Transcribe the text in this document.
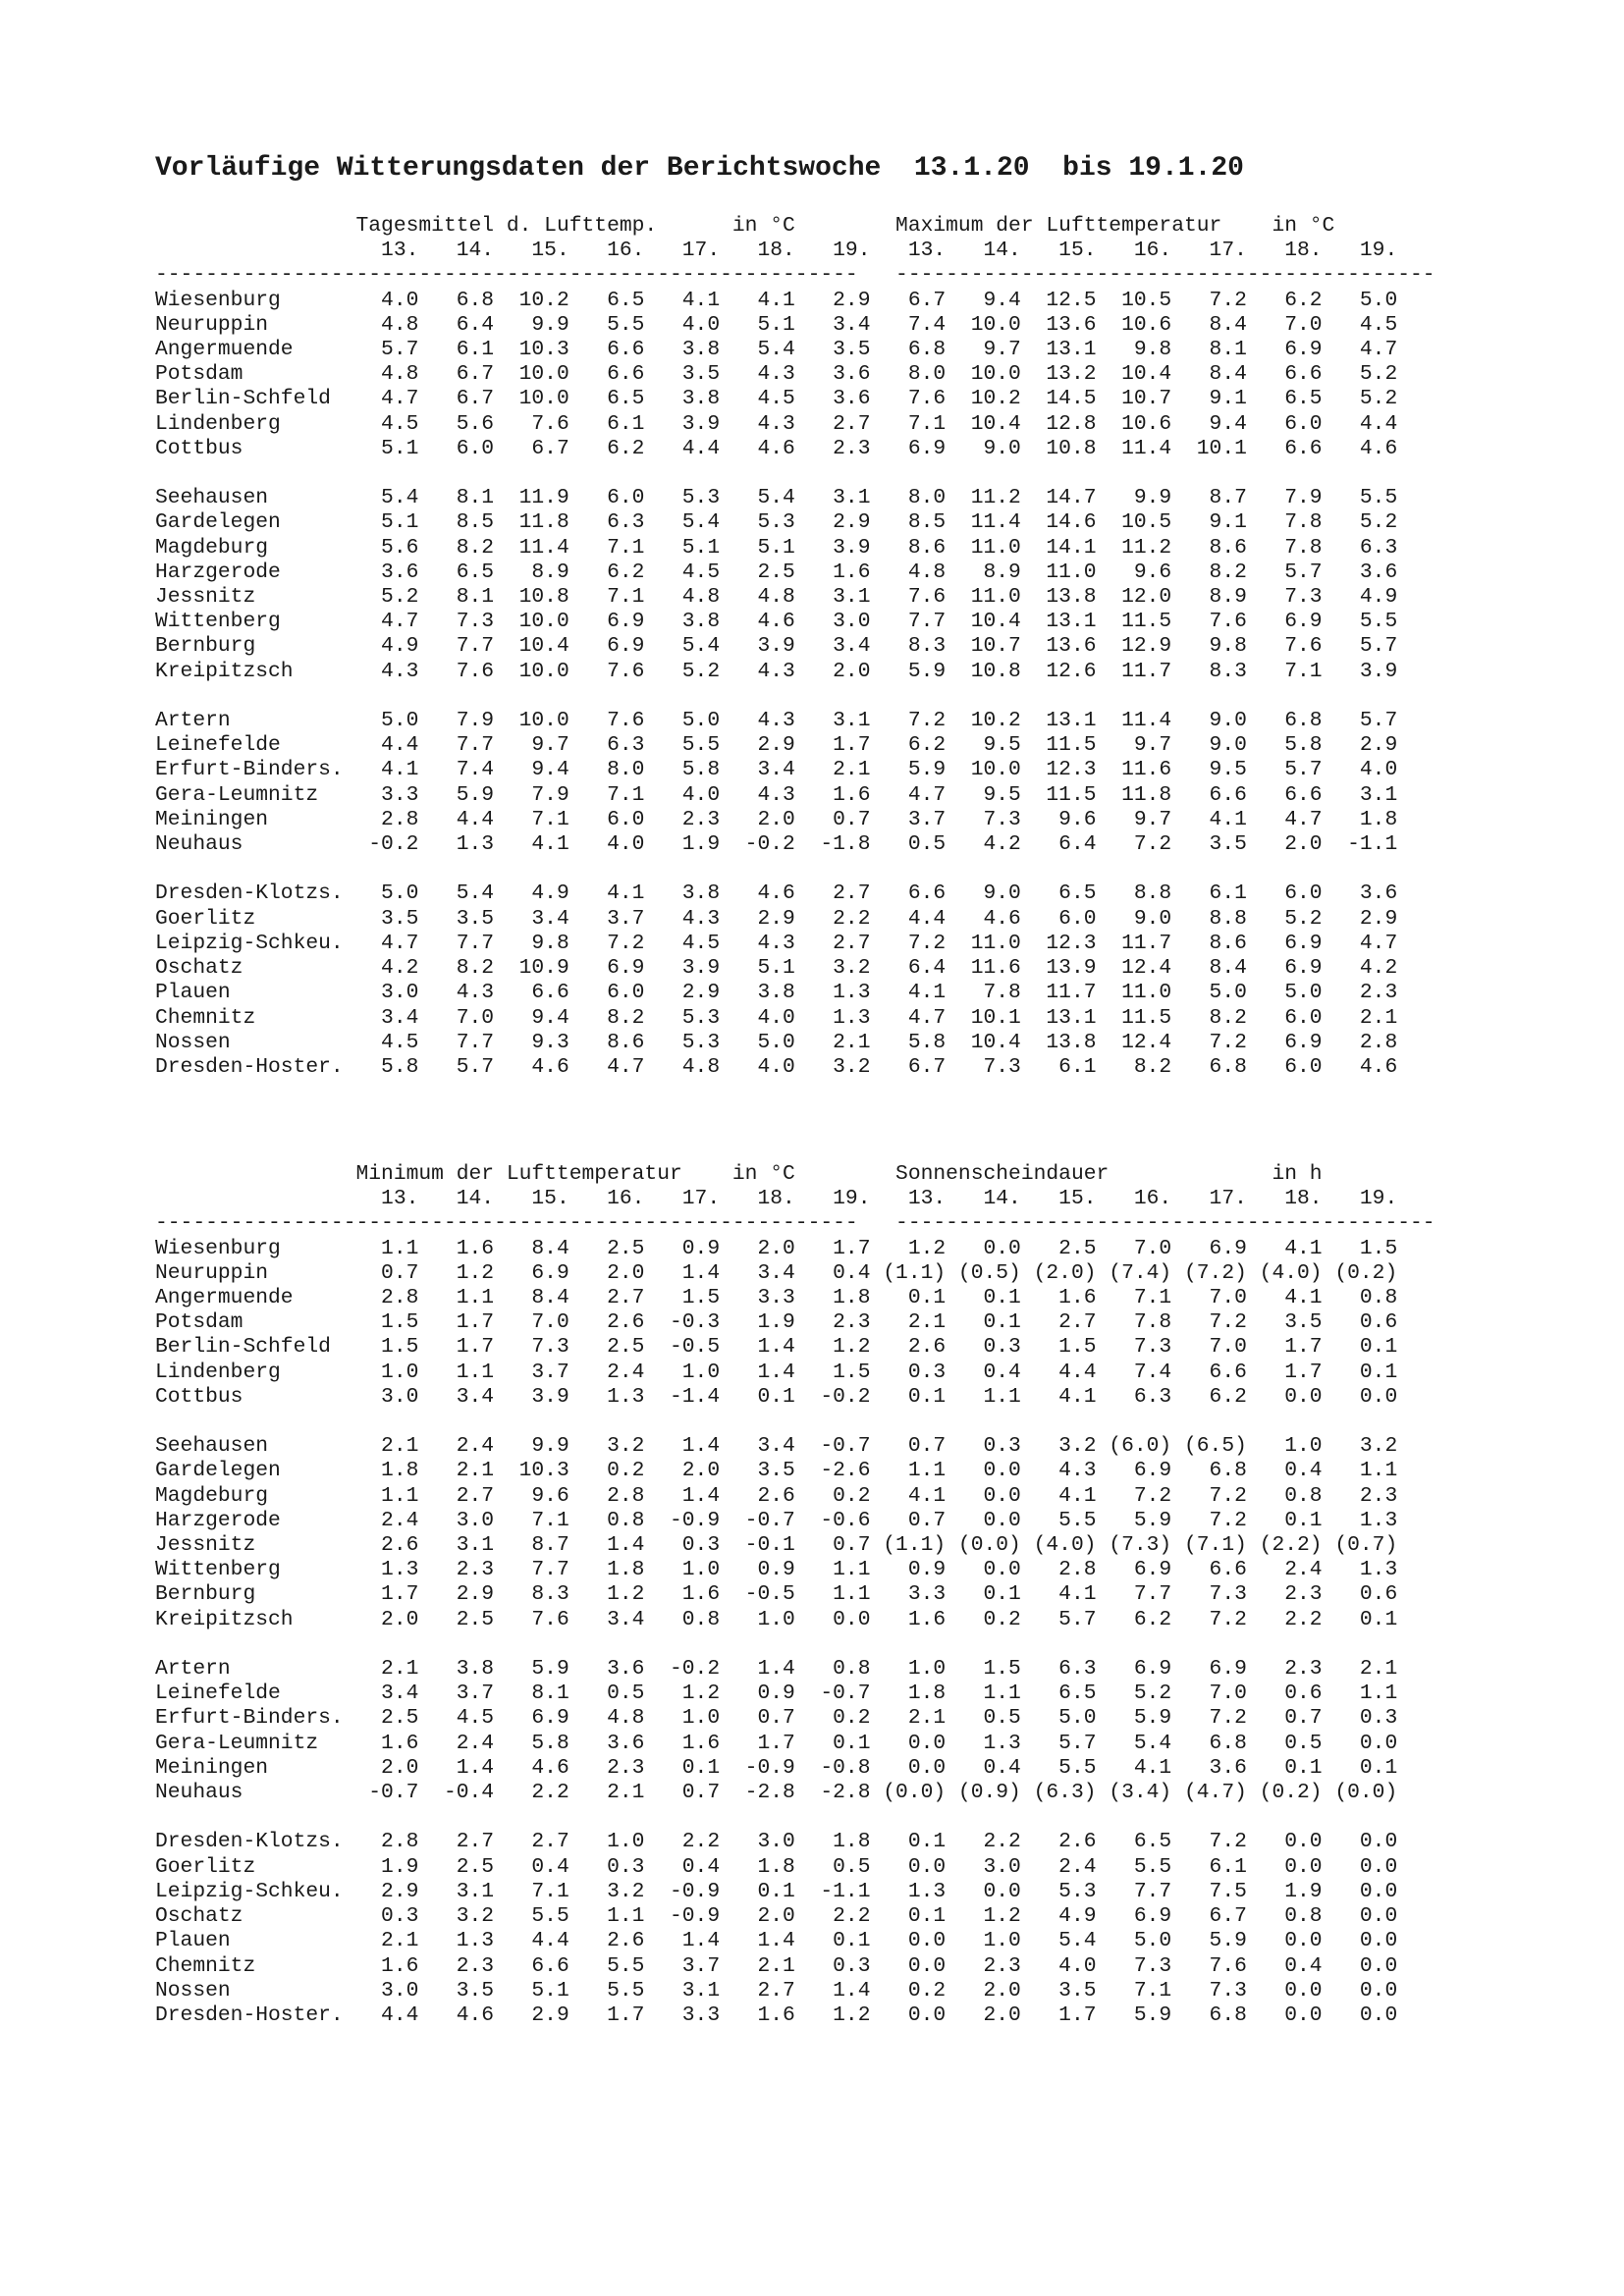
Vorläufige Witterungsdaten der Berichtswoche  13.1.20  bis 19.1.20
Tagesmittel d. Lufttemp.      in °C        Maximum der Lufttemperatur    in °C
13.   14.   15.   16.   17.   18.   19.   13.   14.   15.   16.   17.   18.   19.
--------------------------------------------------------   -------------------------------------------
Wiesenburg        4.0   6.8  10.2   6.5   4.1   4.1   2.9   6.7   9.4  12.5  10.5   7.2   6.2   5.0
Neuruppin         4.8   6.4   9.9   5.5   4.0   5.1   3.4   7.4  10.0  13.6  10.6   8.4   7.0   4.5
Angermuende       5.7   6.1  10.3   6.6   3.8   5.4   3.5   6.8   9.7  13.1   9.8   8.1   6.9   4.7
Potsdam           4.8   6.7  10.0   6.6   3.5   4.3   3.6   8.0  10.0  13.2  10.4   8.4   6.6   5.2
Berlin-Schfeld    4.7   6.7  10.0   6.5   3.8   4.5   3.6   7.6  10.2  14.5  10.7   9.1   6.5   5.2
Lindenberg        4.5   5.6   7.6   6.1   3.9   4.3   2.7   7.1  10.4  12.8  10.6   9.4   6.0   4.4
Cottbus           5.1   6.0   6.7   6.2   4.4   4.6   2.3   6.9   9.0  10.8  11.4  10.1   6.6   4.6

Seehausen         5.4   8.1  11.9   6.0   5.3   5.4   3.1   8.0  11.2  14.7   9.9   8.7   7.9   5.5
Gardelegen        5.1   8.5  11.8   6.3   5.4   5.3   2.9   8.5  11.4  14.6  10.5   9.1   7.8   5.2
Magdeburg         5.6   8.2  11.4   7.1   5.1   5.1   3.9   8.6  11.0  14.1  11.2   8.6   7.8   6.3
Harzgerode        3.6   6.5   8.9   6.2   4.5   2.5   1.6   4.8   8.9  11.0   9.6   8.2   5.7   3.6
Jessnitz          5.2   8.1  10.8   7.1   4.8   4.8   3.1   7.6  11.0  13.8  12.0   8.9   7.3   4.9
Wittenberg        4.7   7.3  10.0   6.9   3.8   4.6   3.0   7.7  10.4  13.1  11.5   7.6   6.9   5.5
Bernburg          4.9   7.7  10.4   6.9   5.4   3.9   3.4   8.3  10.7  13.6  12.9   9.8   7.6   5.7
Kreipitzsch       4.3   7.6  10.0   7.6   5.2   4.3   2.0   5.9  10.8  12.6  11.7   8.3   7.1   3.9

Artern            5.0   7.9  10.0   7.6   5.0   4.3   3.1   7.2  10.2  13.1  11.4   9.0   6.8   5.7
Leinefelde        4.4   7.7   9.7   6.3   5.5   2.9   1.7   6.2   9.5  11.5   9.7   9.0   5.8   2.9
Erfurt-Binders.   4.1   7.4   9.4   8.0   5.8   3.4   2.1   5.9  10.0  12.3  11.6   9.5   5.7   4.0
Gera-Leumnitz     3.3   5.9   7.9   7.1   4.0   4.3   1.6   4.7   9.5  11.5  11.8   6.6   6.6   3.1
Meiningen         2.8   4.4   7.1   6.0   2.3   2.0   0.7   3.7   7.3   9.6   9.7   4.1   4.7   1.8
Neuhaus          -0.2   1.3   4.1   4.0   1.9  -0.2  -1.8   0.5   4.2   6.4   7.2   3.5   2.0  -1.1

Dresden-Klotzs.   5.0   5.4   4.9   4.1   3.8   4.6   2.7   6.6   9.0   6.5   8.8   6.1   6.0   3.6
Goerlitz          3.5   3.5   3.4   3.7   4.3   2.9   2.2   4.4   4.6   6.0   9.0   8.8   5.2   2.9
Leipzig-Schkeu.   4.7   7.7   9.8   7.2   4.5   4.3   2.7   7.2  11.0  12.3  11.7   8.6   6.9   4.7
Oschatz           4.2   8.2  10.9   6.9   3.9   5.1   3.2   6.4  11.6  13.9  12.4   8.4   6.9   4.2
Plauen            3.0   4.3   6.6   6.0   2.9   3.8   1.3   4.1   7.8  11.7  11.0   5.0   5.0   2.3
Chemnitz          3.4   7.0   9.4   8.2   5.3   4.0   1.3   4.7  10.1  13.1  11.5   8.2   6.0   2.1
Nossen            4.5   7.7   9.3   8.6   5.3   5.0   2.1   5.8  10.4  13.8  12.4   7.2   6.9   2.8
Dresden-Hoster.   5.8   5.7   4.6   4.7   4.8   4.0   3.2   6.7   7.3   6.1   8.2   6.8   6.0   4.6
Minimum der Lufttemperatur    in °C        Sonnenscheindauer             in h
13.   14.   15.   16.   17.   18.   19.   13.   14.   15.   16.   17.   18.   19.
--------------------------------------------------------   -------------------------------------------
Wiesenburg        1.1   1.6   8.4   2.5   0.9   2.0   1.7   1.2   0.0   2.5   7.0   6.9   4.1   1.5
Neuruppin         0.7   1.2   6.9   2.0   1.4   3.4   0.4 (1.1) (0.5) (2.0) (7.4) (7.2) (4.0) (0.2)
Angermuende       2.8   1.1   8.4   2.7   1.5   3.3   1.8   0.1   0.1   1.6   7.1   7.0   4.1   0.8
Potsdam           1.5   1.7   7.0   2.6  -0.3   1.9   2.3   2.1   0.1   2.7   7.8   7.2   3.5   0.6
Berlin-Schfeld    1.5   1.7   7.3   2.5  -0.5   1.4   1.2   2.6   0.3   1.5   7.3   7.0   1.7   0.1
Lindenberg        1.0   1.1   3.7   2.4   1.0   1.4   1.5   0.3   0.4   4.4   7.4   6.6   1.7   0.1
Cottbus           3.0   3.4   3.9   1.3  -1.4   0.1  -0.2   0.1   1.1   4.1   6.3   6.2   0.0   0.0

Seehausen         2.1   2.4   9.9   3.2   1.4   3.4  -0.7   0.7   0.3   3.2 (6.0) (6.5)   1.0   3.2
Gardelegen        1.8   2.1  10.3   0.2   2.0   3.5  -2.6   1.1   0.0   4.3   6.9   6.8   0.4   1.1
Magdeburg         1.1   2.7   9.6   2.8   1.4   2.6   0.2   4.1   0.0   4.1   7.2   7.2   0.8   2.3
Harzgerode        2.4   3.0   7.1   0.8  -0.9  -0.7  -0.6   0.7   0.0   5.5   5.9   7.2   0.1   1.3
Jessnitz          2.6   3.1   8.7   1.4   0.3  -0.1   0.7 (1.1) (0.0) (4.0) (7.3) (7.1) (2.2) (0.7)
Wittenberg        1.3   2.3   7.7   1.8   1.0   0.9   1.1   0.9   0.0   2.8   6.9   6.6   2.4   1.3
Bernburg          1.7   2.9   8.3   1.2   1.6  -0.5   1.1   3.3   0.1   4.1   7.7   7.3   2.3   0.6
Kreipitzsch       2.0   2.5   7.6   3.4   0.8   1.0   0.0   1.6   0.2   5.7   6.2   7.2   2.2   0.1

Artern            2.1   3.8   5.9   3.6  -0.2   1.4   0.8   1.0   1.5   6.3   6.9   6.9   2.3   2.1
Leinefelde        3.4   3.7   8.1   0.5   1.2   0.9  -0.7   1.8   1.1   6.5   5.2   7.0   0.6   1.1
Erfurt-Binders.   2.5   4.5   6.9   4.8   1.0   0.7   0.2   2.1   0.5   5.0   5.9   7.2   0.7   0.3
Gera-Leumnitz     1.6   2.4   5.8   3.6   1.6   1.7   0.1   0.0   1.3   5.7   5.4   6.8   0.5   0.0
Meiningen         2.0   1.4   4.6   2.3   0.1  -0.9  -0.8   0.0   0.4   5.5   4.1   3.6   0.1   0.1
Neuhaus          -0.7  -0.4   2.2   2.1   0.7  -2.8  -2.8 (0.0) (0.9) (6.3) (3.4) (4.7) (0.2) (0.0)

Dresden-Klotzs.   2.8   2.7   2.7   1.0   2.2   3.0   1.8   0.1   2.2   2.6   6.5   7.2   0.0   0.0
Goerlitz          1.9   2.5   0.4   0.3   0.4   1.8   0.5   0.0   3.0   2.4   5.5   6.1   0.0   0.0
Leipzig-Schkeu.   2.9   3.1   7.1   3.2  -0.9   0.1  -1.1   1.3   0.0   5.3   7.7   7.5   1.9   0.0
Oschatz           0.3   3.2   5.5   1.1  -0.9   2.0   2.2   0.1   1.2   4.9   6.9   6.7   0.8   0.0
Plauen            2.1   1.3   4.4   2.6   1.4   1.4   0.1   0.0   1.0   5.4   5.0   5.9   0.0   0.0
Chemnitz          1.6   2.3   6.6   5.5   3.7   2.1   0.3   0.0   2.3   4.0   7.3   7.6   0.4   0.0
Nossen            3.0   3.5   5.1   5.5   3.1   2.7   1.4   0.2   2.0   3.5   7.1   7.3   0.0   0.0
Dresden-Hoster.   4.4   4.6   2.9   1.7   3.3   1.6   1.2   0.0   2.0   1.7   5.9   6.8   0.0   0.0
